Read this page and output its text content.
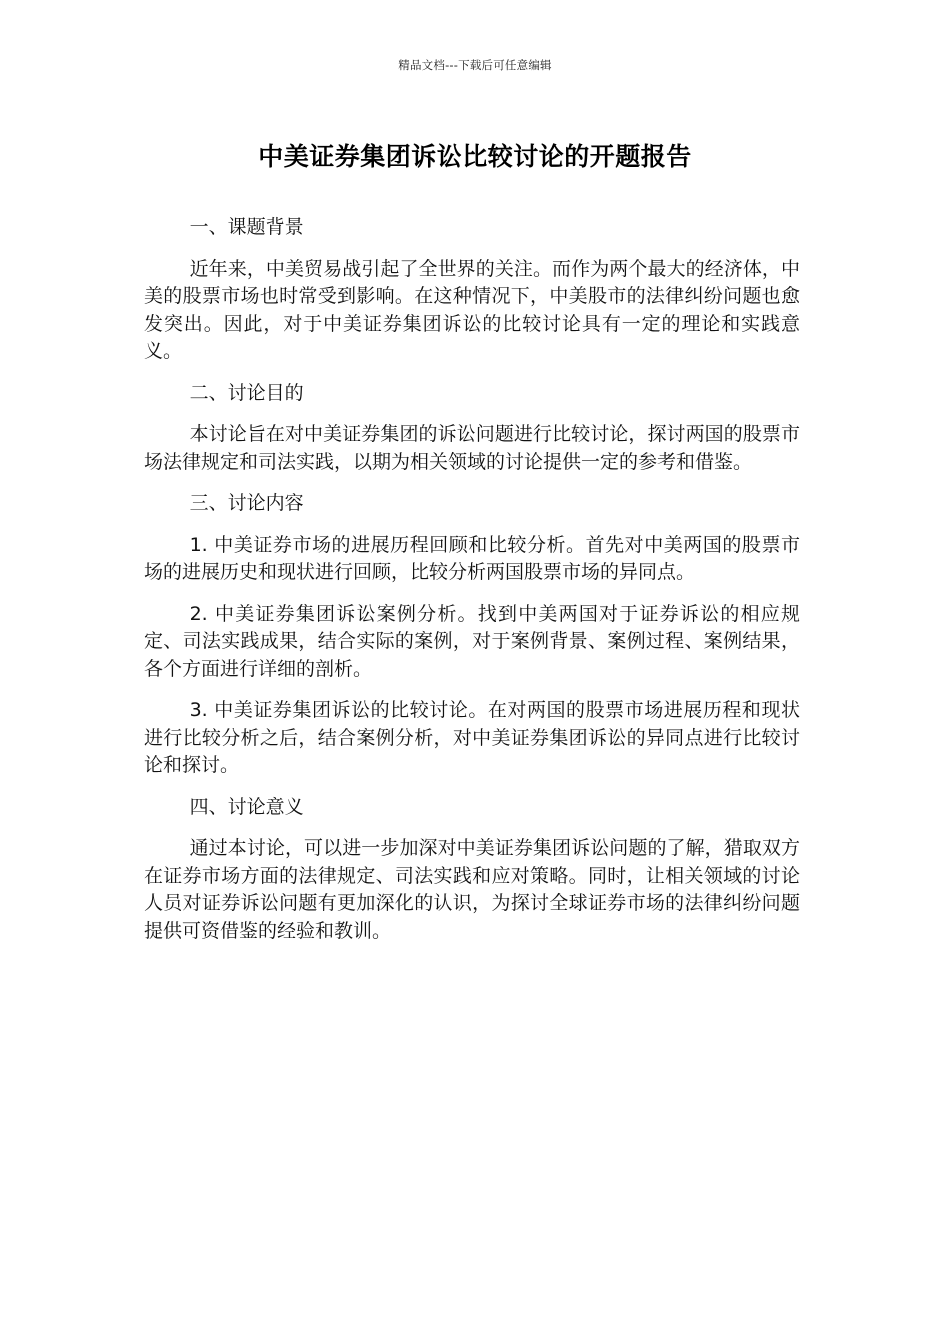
精品文档---下载后可任意编辑
中美证券集团诉讼比较讨论的开题报告

一、课题背景

近年来，中美贸易战引起了全世界的关注。而作为两个最大的经济体，中美的股票市场也时常受到影响。在这种情况下，中美股市的法律纠纷问题也愈发突出。因此，对于中美证券集团诉讼的比较讨论具有一定的理论和实践意义。

二、讨论目的

本讨论旨在对中美证券集团的诉讼问题进行比较讨论，探讨两国的股票市场法律规定和司法实践，以期为相关领域的讨论提供一定的参考和借鉴。

三、讨论内容

1. 中美证券市场的进展历程回顾和比较分析。首先对中美两国的股票市场的进展历史和现状进行回顾，比较分析两国股票市场的异同点。

2. 中美证券集团诉讼案例分析。找到中美两国对于证券诉讼的相应规定、司法实践成果，结合实际的案例，对于案例背景、案例过程、案例结果，各个方面进行详细的剖析。

3. 中美证券集团诉讼的比较讨论。在对两国的股票市场进展历程和现状进行比较分析之后，结合案例分析，对中美证券集团诉讼的异同点进行比较讨论和探讨。

四、讨论意义

通过本讨论，可以进一步加深对中美证券集团诉讼问题的了解，猎取双方在证券市场方面的法律规定、司法实践和应对策略。同时，让相关领域的讨论人员对证券诉讼问题有更加深化的认识，为探讨全球证券市场的法律纠纷问题提供可资借鉴的经验和教训。
